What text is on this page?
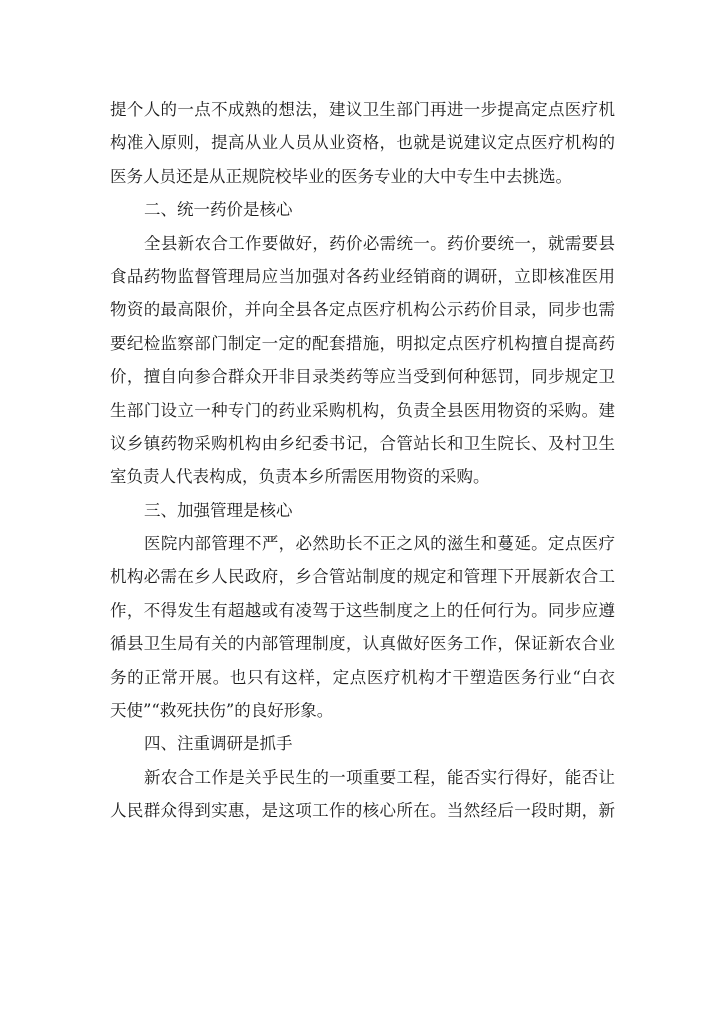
提个人的一点不成熟的想法，建议卫生部门再进一步提高定点医疗机
构准入原则，提高从业人员从业资格，也就是说建议定点医疗机构的
医务人员还是从正规院校毕业的医务专业的大中专生中去挑选。
二、统一药价是核心
全县新农合工作要做好，药价必需统一。药价要统一，就需要县
食品药物监督管理局应当加强对各药业经销商的调研，立即核准医用
物资的最高限价，并向全县各定点医疗机构公示药价目录，同步也需
要纪检监察部门制定一定的配套措施，明拟定点医疗机构擅自提高药
价，擅自向参合群众开非目录类药等应当受到何种惩罚，同步规定卫
生部门设立一种专门的药业采购机构，负责全县医用物资的采购。建
议乡镇药物采购机构由乡纪委书记，合管站长和卫生院长、及村卫生
室负责人代表构成，负责本乡所需医用物资的采购。
三、加强管理是核心
医院内部管理不严，必然助长不正之风的滋生和蔓延。定点医疗
机构必需在乡人民政府，乡合管站制度的规定和管理下开展新农合工
作，不得发生有超越或有凌驾于这些制度之上的任何行为。同步应遵
循县卫生局有关的内部管理制度，认真做好医务工作，保证新农合业
务的正常开展。也只有这样，定点医疗机构才干塑造医务行业“白衣
天使”“救死扶伤”的良好形象。
四、注重调研是抓手
新农合工作是关乎民生的一项重要工程，能否实行得好，能否让
人民群众得到实惠，是这项工作的核心所在。当然经后一段时期，新
